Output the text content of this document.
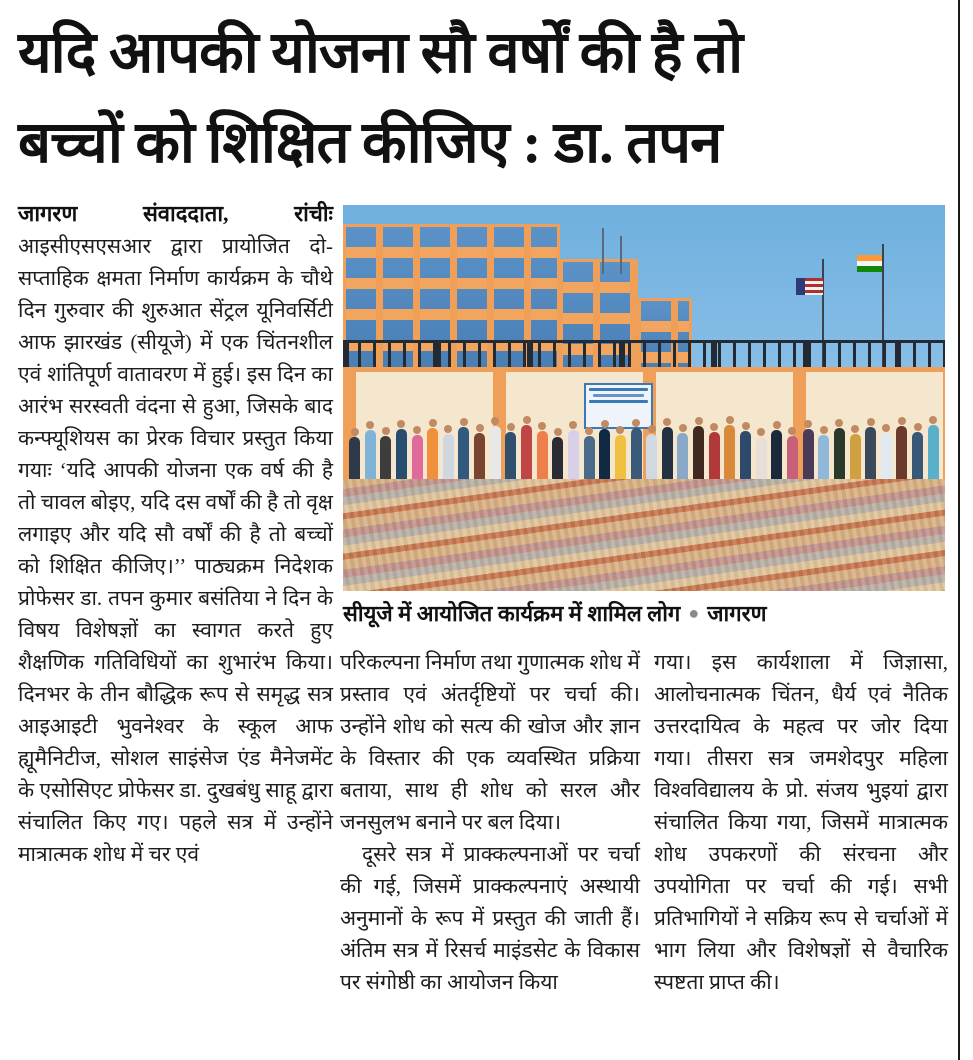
यदि आपकी योजना सौ वर्षों की है तो
बच्चों को शिक्षित कीजिए : डा. तपन
जागरण	संवाददाता,	रांचीः

आइसीएसएसआर द्वारा प्रायोजित दो-सप्ताहिक क्षमता निर्माण कार्यक्रम के चौथे दिन गुरुवार की शुरुआत सेंट्रल यूनिवर्सिटी आफ झारखंड (सीयूजे) में एक चिंतनशील एवं शांतिपूर्ण वातावरण में हुई। इस दिन का आरंभ सरस्वती वंदना से हुआ, जिसके बाद कन्फ्यूशियस का प्रेरक विचार प्रस्तुत किया गयाः ‘यदि आपकी योजना एक वर्ष की है तो चावल बोइए, यदि दस वर्षों की है तो वृक्ष लगाइए और यदि सौ वर्षों की है तो बच्चों को शिक्षित कीजिए।’’ पाठ्यक्रम निदेशक प्रोफेसर डा. तपन कुमार बसंतिया ने दिन के विषय विशेषज्ञों का स्वागत करते हुए शैक्षणिक गतिविधियों का शुभारंभ किया। दिनभर के तीन बौद्धिक रूप से समृद्ध सत्र आइआइटी भुवनेश्वर के स्कूल आफ ह्यूमैनिटीज, सोशल साइंसेज एंड मैनेजमेंट के एसोसिएट प्रोफेसर डा. दुखबंधु साहू द्वारा संचालित किए गए। पहले सत्र में उन्होंने मात्रात्मक शोध में चर एवं

सीयूजे में आयोजित कार्यक्रम में शामिल लोग ● जागरण

परिकल्पना निर्माण तथा गुणात्मक शोध में प्रस्ताव एवं अंतर्दृष्टियों पर चर्चा की। उन्होंने शोध को सत्य की खोज और ज्ञान के विस्तार की एक व्यवस्थित प्रक्रिया बताया, साथ ही शोध को सरल और जनसुलभ बनाने पर बल दिया।

दूसरे सत्र में प्राक्कल्पनाओं पर चर्चा की गई, जिसमें प्राक्कल्पनाएं अस्थायी अनुमानों के रूप में प्रस्तुत की जाती हैं। अंतिम सत्र में रिसर्च माइंडसेट के विकास पर संगोष्ठी का आयोजन किया

गया। इस कार्यशाला में जिज्ञासा, आलोचनात्मक चिंतन, धैर्य एवं नैतिक उत्तरदायित्व के महत्व पर जोर दिया गया। तीसरा सत्र जमशेदपुर महिला विश्वविद्यालय के प्रो. संजय भुइयां द्वारा संचालित किया गया, जिसमें मात्रात्मक शोध उपकरणों की संरचना और उपयोगिता पर चर्चा की गई। सभी प्रतिभागियों ने सक्रिय रूप से चर्चाओं में भाग लिया और विशेषज्ञों से वैचारिक स्पष्टता प्राप्त की।
